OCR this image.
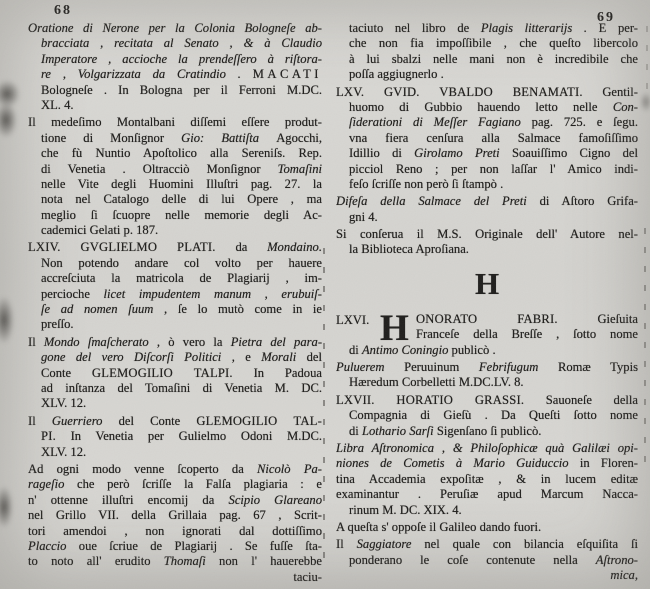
68	69
Oratione di Nerone per la Colonia Bologneſe ab-
bracciata , recitata al Senato , & à Claudio
Imperatore , accioche la prendeſſero à riſtora-
re , Volgarizzata da Cratindio . MACATI
Bologneſe . In Bologna per il Ferroni M.DC.
XL. 4.
Il medeſimo Montalbani diſſemi eſſere produt-
tione di Monſignor Gio: Battiſta Agocchi,
che fù Nuntio Apoſtolico alla Sereniſs. Rep.
di Venetia . Oltracciò Monſignor Tomaſini
nelle Vite degli Huomini Illuſtri pag. 27. la
nota nel Catalogo delle di lui Opere , ma
meglio ſi ſcuopre nelle memorie degli Ac-
cademici Gelati p. 187.
LXIV. GVGLIELMO PLATI. da Mondaino.
Non potendo andare col volto per hauere
accreſciuta la matricola de Plagiarij , im-
percioche licet impudentem manum , erubuiſ-
ſe ad nomen ſuum , ſe lo mutò come in ie
preſſo.
Il Mondo ſmaſcherato , ò vero la Pietra del para-
gone del vero Diſcorſi Politici , e Morali del
Conte GLEMOGILIO TALPI. In Padoua
ad inſtanza del Tomaſini di Venetia M. DC.
XLV. 12.
Il Guerriero del Conte GLEMOGILIO TAL-
PI. In Venetia per Gulielmo Odoni M.DC.
XLV. 12.
Ad ogni modo venne ſcoperto da Nicolò Pa-
rageſio che però ſcriſſe la Falſa plagiaria : e
n' ottenne illuſtri encomij da Scipio Glareano
nel Grillo VII. della Grillaia pag. 67 , Scrit-
tori amendoi , non ignorati dal dottiſſimo
Placcio oue ſcriue de Plagiarij . Se fuſſe ſta-
to noto all' erudito Thomaſi non l' hauerebbe
taciu-
taciuto nel libro de Plagis litterarijs . E per-
che non fia impoſſibile , che queſto libercolo
à lui sbalzi nelle mani non è incredibile che
poſſa aggiugnerlo .
LXV. GVID. VBALDO BENAMATI. Gentil-
huomo di Gubbio hauendo letto nelle Con-
ſiderationi di Meſſer Fagiano pag. 725. e ſegu.
vna fiera cenſura alla Salmace famoſiſſimo
Idillio di Girolamo Preti Soauiſſimo Cigno del
picciol Reno ; per non laſſar l' Amico indi-
feſo ſcriſſe non però ſi ſtampò .
Difeſa della Salmace del Preti di Aſtoro Grifa-
gni 4.
Si conſerua il M.S. Originale dell' Autore nel-
la Biblioteca Aproſiana.
H
LXVI. H ONORATO FABRI. Gieſuita
Franceſe della Breſſe , ſotto nome
di Antimo Coningio publicò .
Puluerem Peruuinum Febrifugum Romæ Typis
Hæredum Corbelletti M.DC.LV. 8.
LXVII. HORATIO GRASSI. Sauoneſe della
Compagnia di Gieſù . Da Queſti ſotto nome
di Lothario Sarſi Sigenſano ſi publicò.
Libra Aſtronomica , & Philoſophicæ quà Galilæi opi-
niones de Cometis à Mario Guiduccio in Floren-
tina Accademia expoſitæ , & in lucem editæ
examinantur . Peruſiæ apud Marcum Nacca-
rinum M. DC. XIX. 4.
A queſta s' oppoſe il Galileo dando fuori.
Il Saggiatore nel quale con bilancia eſquiſita ſi
ponderano le coſe contenute nella Aſtrono-
mica,
